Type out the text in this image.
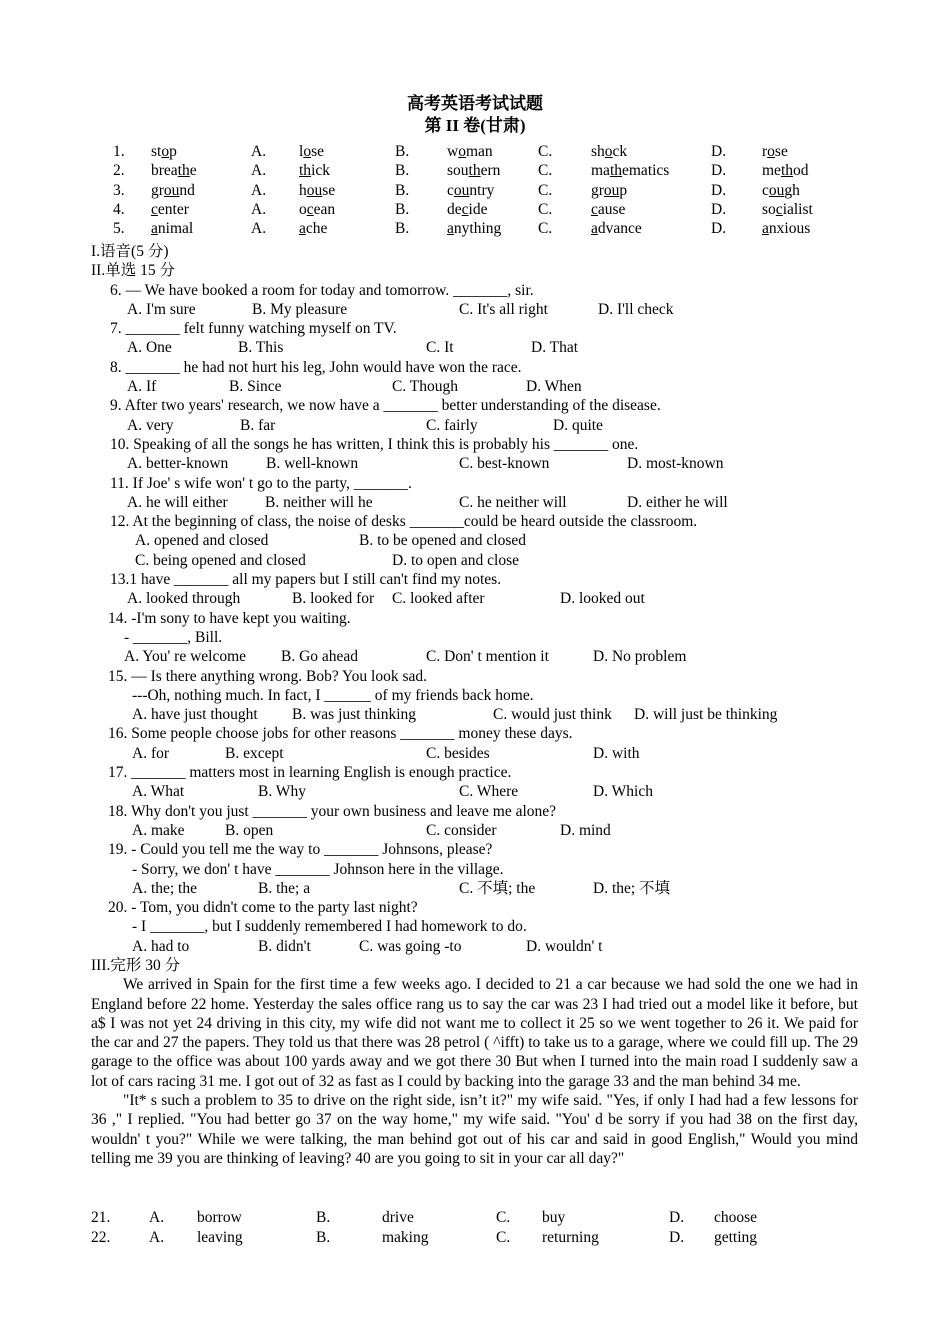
高考英语考试试题
第 II 卷(甘肃)
1. stop	A. lose	B. woman	C.	shock	D. rose
2. breathe	A. thick	B. southern C.	mathematics	D. method
3. ground	A. house	B. country	C.	group	D. cough
4. center	A. ocean	B. decide	C.	cause	D. socialist
5. animal	A. ache	B. anything C.	advance	D. anxious
I.语音(5 分)
II.单选 15 分
6. — We have booked a room for today and tomorrow. _______, sir.
A. I'm sure	B. My pleasure	C. It's all right	D. I'll check
7. _______ felt funny watching myself on TV.
A. One	B. This	C. It	D. That
8. _______ he had not hurt his leg, John would have won the race.
A. If	B. Since	C. Though	D. When
9. After two years' research, we now have a _______ better understanding of the disease.
A. very	B. far	C. fairly	D. quite
10. Speaking of all the songs he has written, I think this is probably his _______ one.
A. better-known B. well-known	C. best-known	D. most-known
11. If Joe' s wife won' t go to the party, _______.
A. he will either B. neither will he	C. he neither will	D. either he will
12. At the beginning of class, the noise of desks _______could be heard outside the classroom.
A. opened and closed	B. to be opened and closed
C. being opened and closed	D. to open and close
13.1 have _______ all my papers but I still can't find my notes.
A. looked through	B. looked for C. looked after	D. looked out
14. -I'm sony to have kept you waiting.
- _______, Bill.
A. You' re welcome B. Go ahead	C. Don' t mention it	D. No problem
15. — Is there anything wrong. Bob? You look sad.
---Oh, nothing much. In fact, I ______ of my friends back home.
A. have just thought B. was just thinking	C. would just think D. will just be thinking
16. Some people choose jobs for other reasons _______ money these days.
A. for	B. except	C. besides	D. with
17. _______ matters most in learning English is enough practice.
A. What	B. Why	C. Where	D. Which
18. Why don't you just _______ your own business and leave me alone?
A. make	B. open	C. consider	D. mind
19. - Could you tell me the way to _______ Johnsons, please?
- Sorry, we don' t have _______ Johnson here in the village.
A. the; the	B. the; a	C. 不填; the	D. the; 不填
20. - Tom, you didn't come to the party last night?
- I _______, but I suddenly remembered I had homework to do.
A. had to	B. didn't	C. was going -to	D. wouldn' t
III.完形 30 分

We arrived in Spain for the first time a few weeks ago. I decided to 21 a car because we had sold the one we had in England before 22 home. Yesterday the sales office rang us to say the car was 23 I had tried out a model like it before, but a$ I was not yet 24 driving in this city, my wife did not want me to collect it 25 so we went together to 26 it. We paid for the car and 27 the papers. They told us that there was 28 petrol ( ^ifft) to take us to a garage, where we could fill up. The 29 garage to the office was about 100 yards away and we got there 30 But when I turned into the main road I suddenly saw a lot of cars racing 31 me. I got out of 32 as fast as I could by backing into the garage 33 and the man behind 34 me.

"It* s such a problem to 35 to drive on the right side, isn’t it?" my wife said. "Yes, if only I had had a few lessons for 36 ," I replied. "You had better go 37 on the way home," my wife said. "You' d be sorry if you had 38 on the first day, wouldn' t you?" While we were talking, the man behind got out of his car and said in good English," Would you mind telling me 39 you are thinking of leaving? 40 are you going to sit in your car all day?"

21. A. borrow	B.	drive	C. buy	D. choose
22. A. leaving	B.	making	C. returning	D. getting
